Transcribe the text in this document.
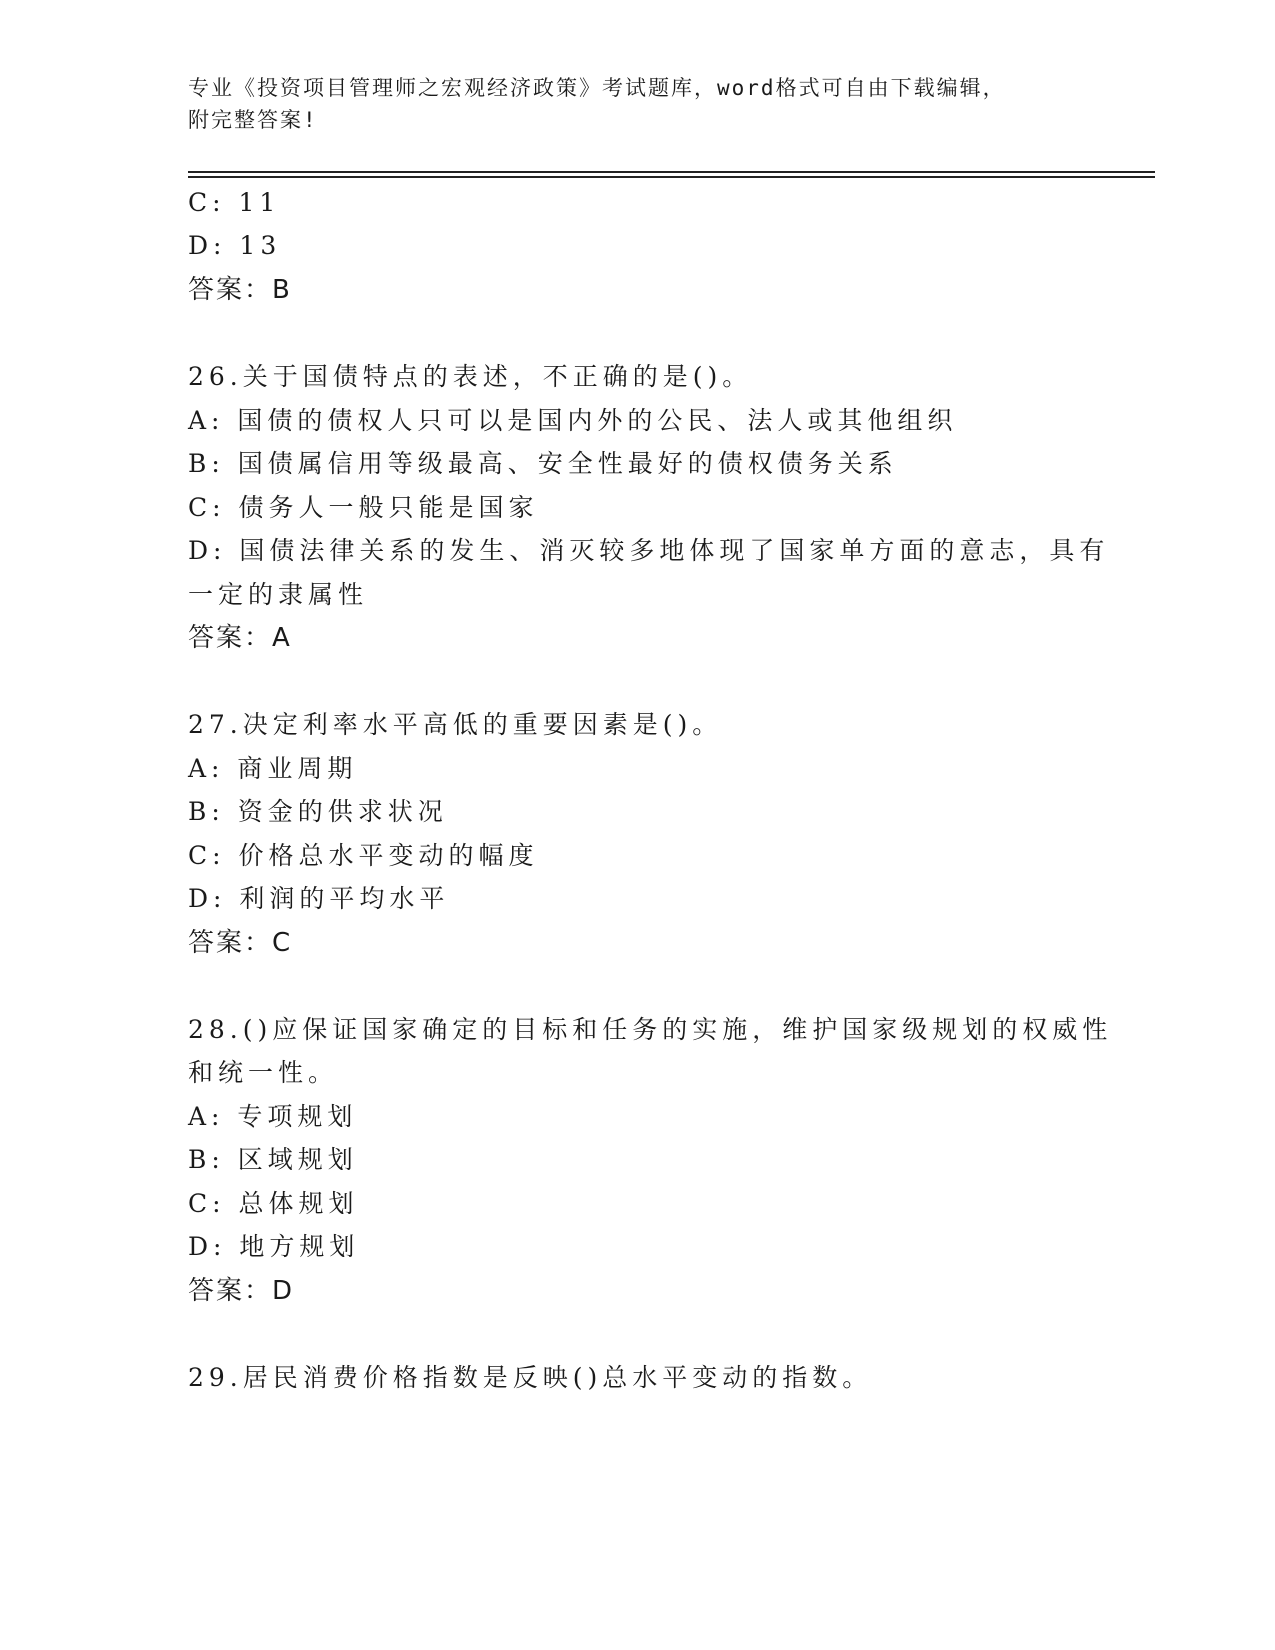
专业《投资项目管理师之宏观经济政策》考试题库，word格式可自由下载编辑，
附完整答案!
C: 11
D: 13
答案：B
26.关于国债特点的表述，不正确的是()。
A: 国债的债权人只可以是国内外的公民、法人或其他组织
B: 国债属信用等级最高、安全性最好的债权债务关系
C: 债务人一般只能是国家
D: 国债法律关系的发生、消灭较多地体现了国家单方面的意志，具有
一定的隶属性
答案：A
27.决定利率水平高低的重要因素是()。
A: 商业周期
B: 资金的供求状况
C: 价格总水平变动的幅度
D: 利润的平均水平
答案：C
28.()应保证国家确定的目标和任务的实施，维护国家级规划的权威性
和统一性。
A: 专项规划
B: 区域规划
C: 总体规划
D: 地方规划
答案：D
29.居民消费价格指数是反映()总水平变动的指数。
